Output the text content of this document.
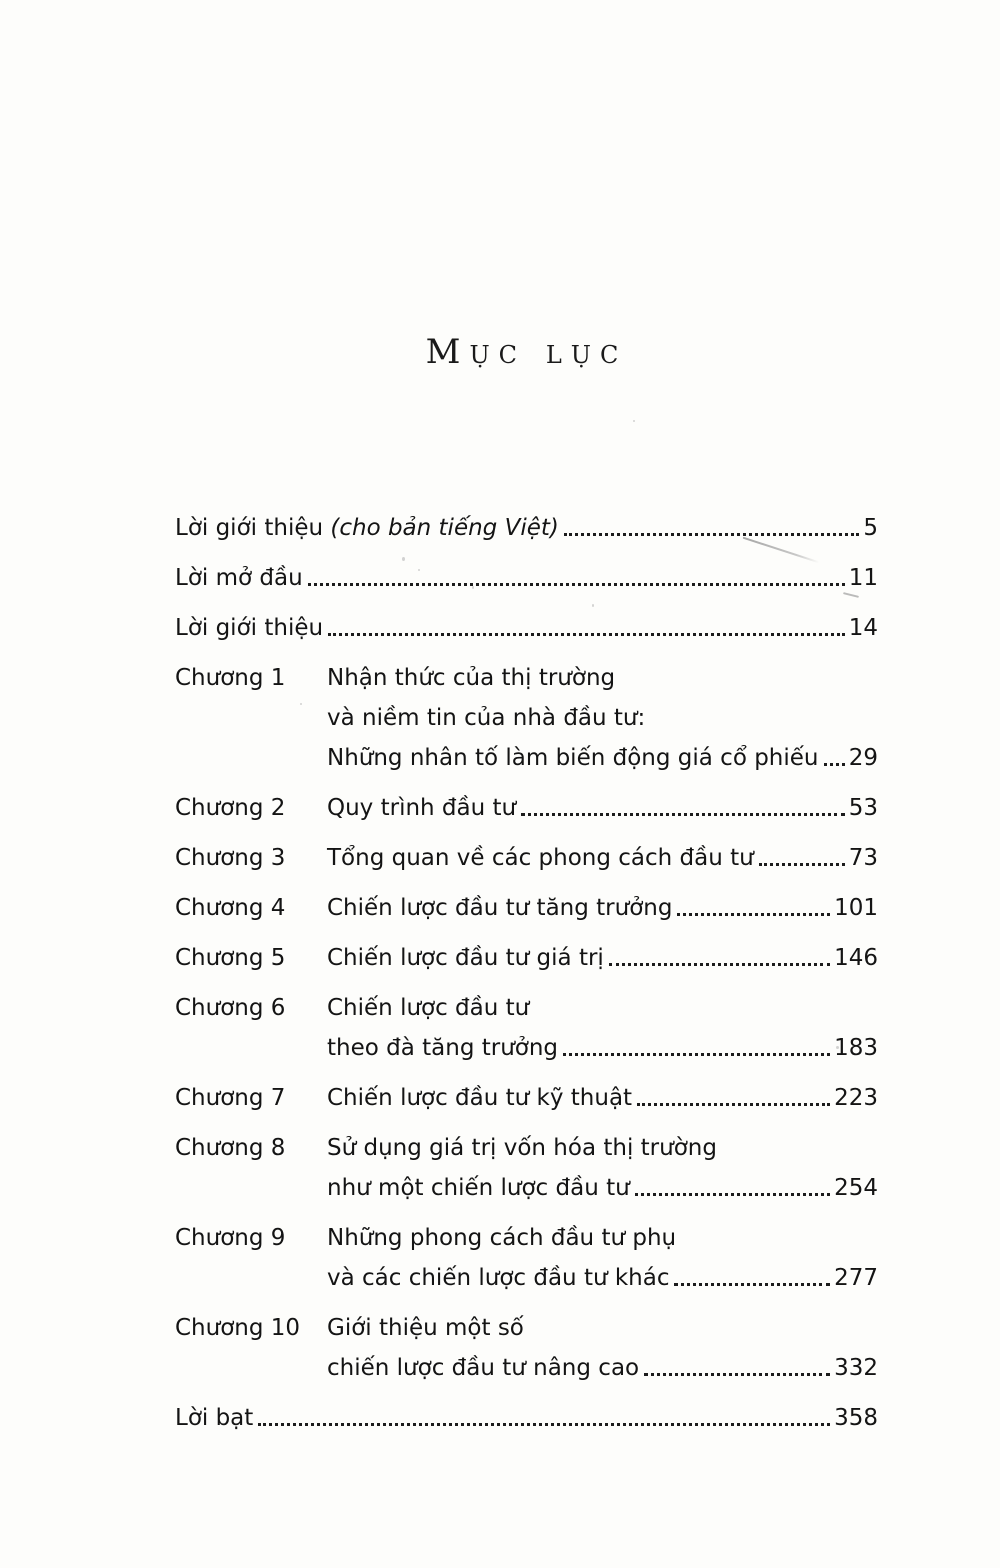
Mục lục
Lời giới thiệu (cho bản tiếng Việt)	5
Lời mở đầu	11
Lời giới thiệu	14
Chương 1	Nhận thức của thị trường
và niềm tin của nhà đầu tư:
Những nhân tố làm biến động giá cổ phiếu 29
Chương 2	Quy trình đầu tư	53
Chương 3	Tổng quan về các phong cách đầu tư	73
Chương 4	Chiến lược đầu tư tăng trưởng	101
Chương 5	Chiến lược đầu tư giá trị	146
Chương 6	Chiến lược đầu tư
theo đà tăng trưởng	183
Chương 7	Chiến lược đầu tư kỹ thuật	223
Chương 8	Sử dụng giá trị vốn hóa thị trường
như một chiến lược đầu tư	254
Chương 9	Những phong cách đầu tư phụ
và các chiến lược đầu tư khác	277
Chương 10	Giới thiệu một số
chiến lược đầu tư nâng cao	332
Lời bạt	358
